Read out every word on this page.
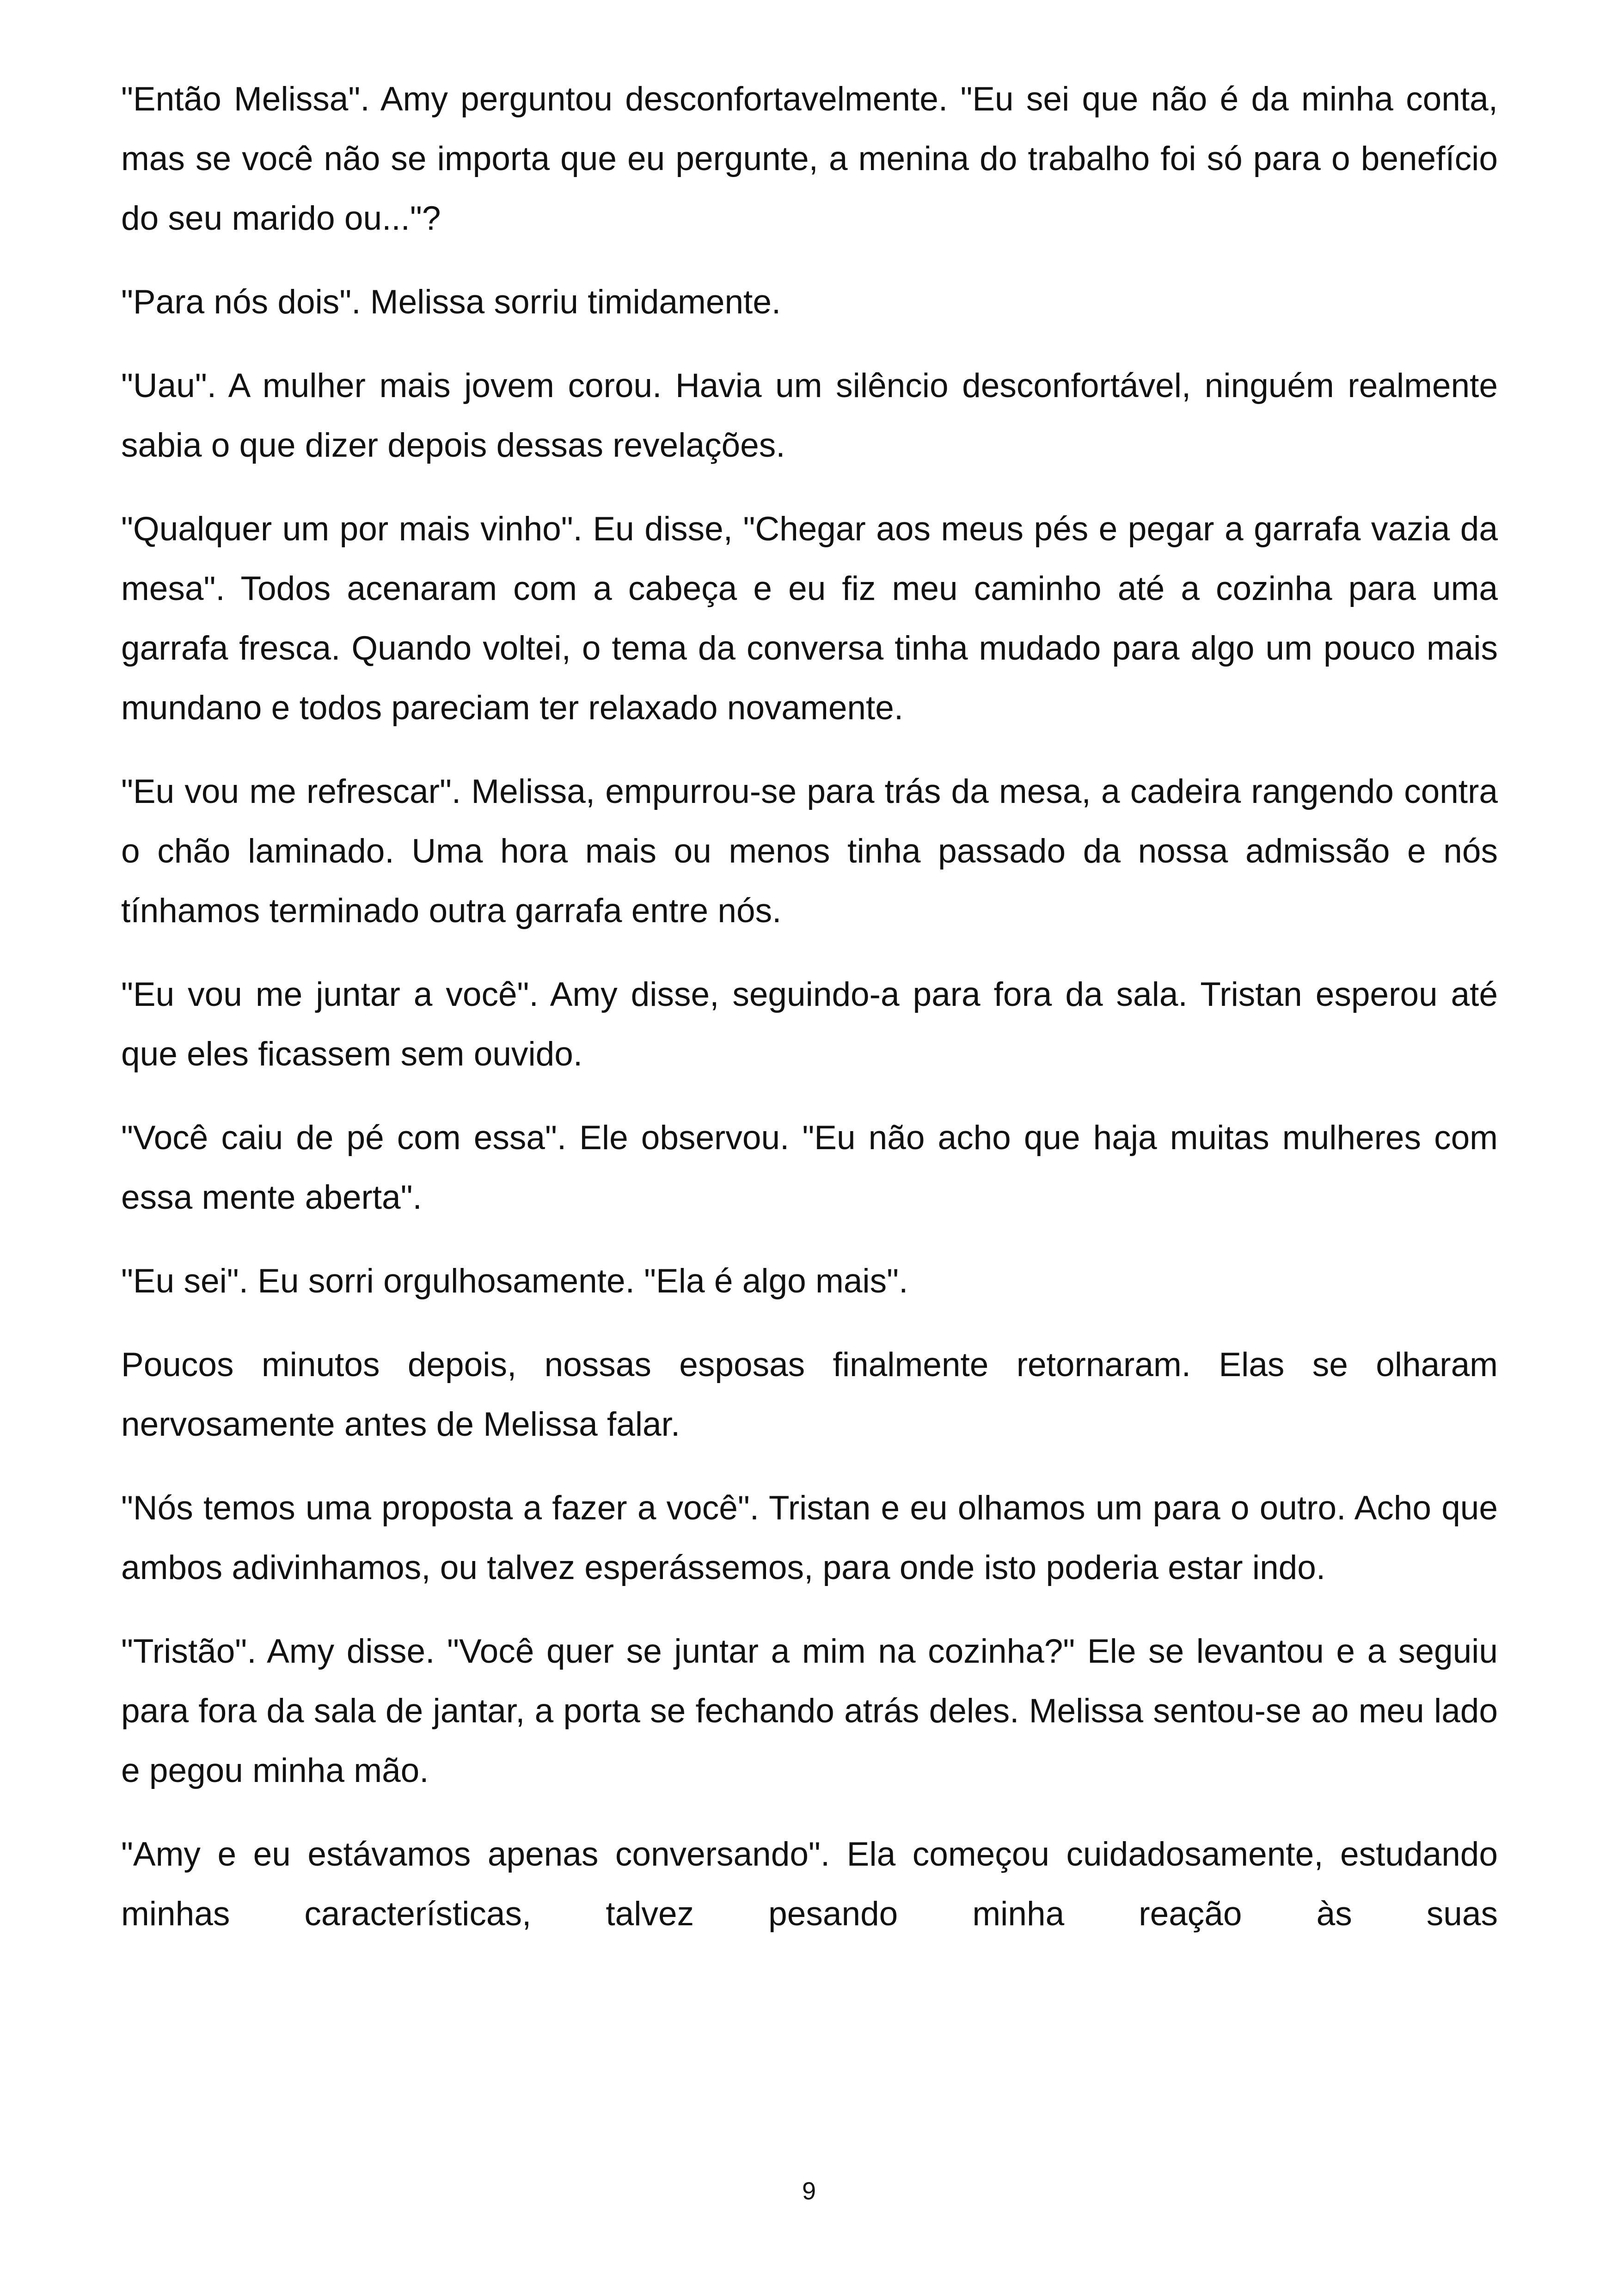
"Então Melissa". Amy perguntou desconfortavelmente. "Eu sei que não é da minha conta, mas se você não se importa que eu pergunte, a menina do trabalho foi só para o benefício do seu marido ou..."?

"Para nós dois". Melissa sorriu timidamente.

"Uau". A mulher mais jovem corou. Havia um silêncio desconfortável, ninguém realmente sabia o que dizer depois dessas revelações.

"Qualquer um por mais vinho". Eu disse, "Chegar aos meus pés e pegar a garrafa vazia da mesa". Todos acenaram com a cabeça e eu fiz meu caminho até a cozinha para uma garrafa fresca. Quando voltei, o tema da conversa tinha mudado para algo um pouco mais mundano e todos pareciam ter relaxado novamente.

"Eu vou me refrescar". Melissa, empurrou-se para trás da mesa, a cadeira rangendo contra o chão laminado. Uma hora mais ou menos tinha passado da nossa admissão e nós tínhamos terminado outra garrafa entre nós.

"Eu vou me juntar a você". Amy disse, seguindo-a para fora da sala. Tristan esperou até que eles ficassem sem ouvido.

"Você caiu de pé com essa". Ele observou. "Eu não acho que haja muitas mulheres com essa mente aberta".

"Eu sei". Eu sorri orgulhosamente. "Ela é algo mais".

Poucos minutos depois, nossas esposas finalmente retornaram. Elas se olharam nervosamente antes de Melissa falar.

"Nós temos uma proposta a fazer a você". Tristan e eu olhamos um para o outro. Acho que ambos adivinhamos, ou talvez esperássemos, para onde isto poderia estar indo.

"Tristão". Amy disse. "Você quer se juntar a mim na cozinha?" Ele se levantou e a seguiu para fora da sala de jantar, a porta se fechando atrás deles. Melissa sentou-se ao meu lado e pegou minha mão.

"Amy e eu estávamos apenas conversando". Ela começou cuidadosamente, estudando minhas características, talvez pesando minha reação às suas

9
